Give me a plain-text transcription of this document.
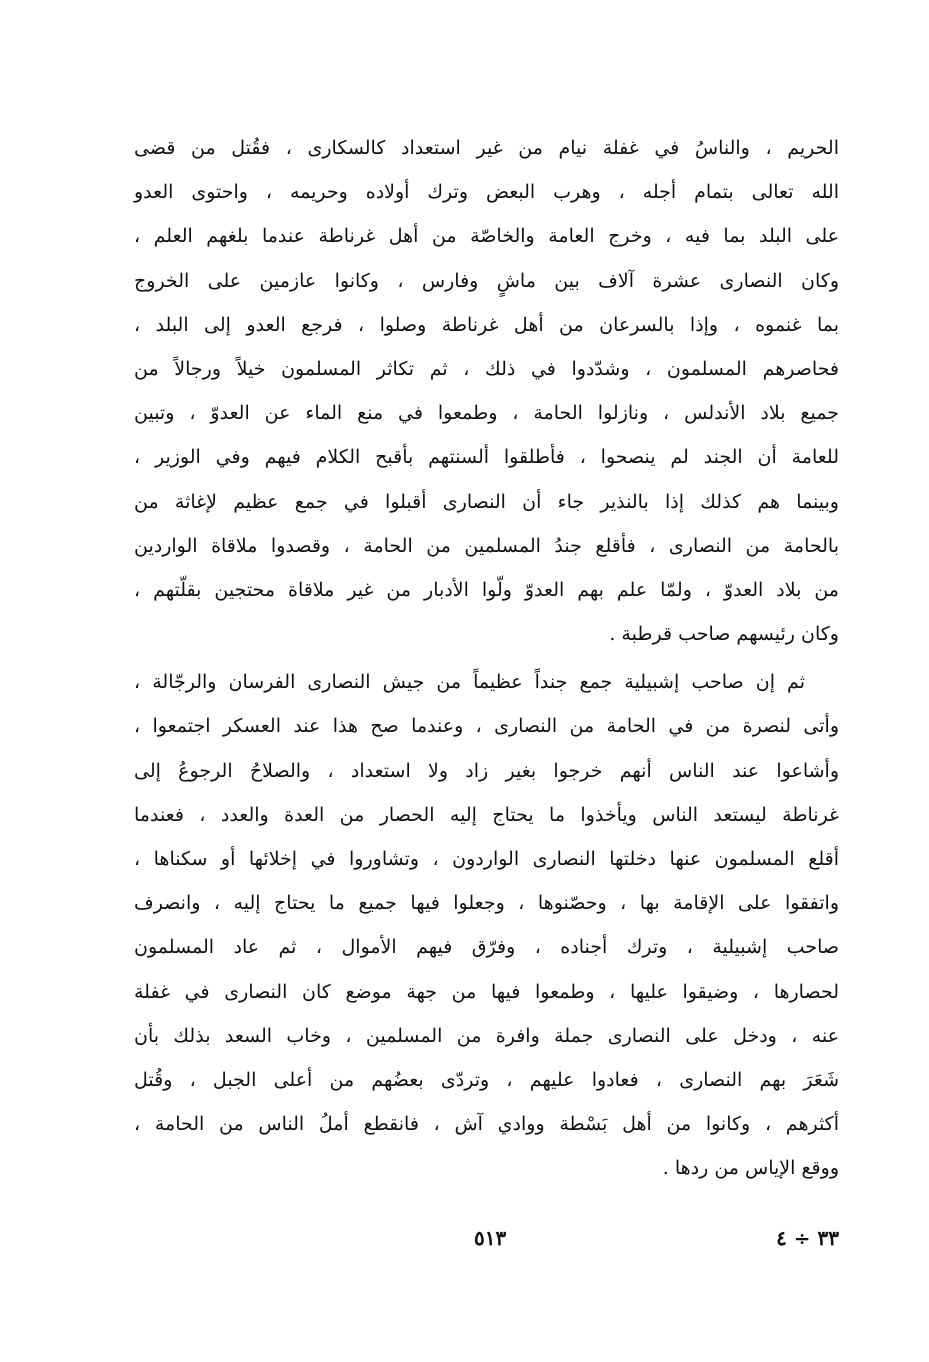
الحريم ، والناسُ في غفلة نيام من غير استعداد كالسكارى ، فقُتل من قضى
الله تعالى بتمام أجله ، وهرب البعض وترك أولاده وحريمه ، واحتوى العدو
على البلد بما فيه ، وخرج العامة والخاصّة من أهل غرناطة عندما بلغهم العلم ،
وكان النصارى عشرة آلاف بين ماشٍ وفارس ، وكانوا عازمين على الخروج
بما غنموه ، وإذا بالسرعان من أهل غرناطة وصلوا ، فرجع العدو إلى البلد ،
فحاصرهم المسلمون ، وشدّدوا في ذلك ، ثم تكاثر المسلمون خيلاً ورجالاً من
جميع بلاد الأندلس ، ونازلوا الحامة ، وطمعوا في منع الماء عن العدوّ ، وتبين
للعامة أن الجند لم ينصحوا ، فأطلقوا ألسنتهم بأقبح الكلام فيهم وفي الوزير ،
وبينما هم كذلك إذا بالنذير جاء أن النصارى أقبلوا في جمع عظيم لإغاثة من
بالحامة من النصارى ، فأقلع جندُ المسلمين من الحامة ، وقصدوا ملاقاة الواردين
من بلاد العدوّ ، ولمّا علم بهم العدوّ ولّوا الأدبار من غير ملاقاة محتجين بقلّتهم ،
وكان رئيسهم صاحب قرطبة .
ثم إن صاحب إشبيلية جمع جنداً عظيماً من جيش النصارى الفرسان والرجّالة ،
وأتى لنصرة من في الحامة من النصارى ، وعندما صح هذا عند العسكر اجتمعوا ،
وأشاعوا عند الناس أنهم خرجوا بغير زاد ولا استعداد ، والصلاحُ الرجوعُ إلى
غرناطة ليستعد الناس ويأخذوا ما يحتاج إليه الحصار من العدة والعدد ، فعندما
أقلع المسلمون عنها دخلتها النصارى الواردون ، وتشاوروا في إخلائها أو سكناها ،
واتفقوا على الإقامة بها ، وحصّنوها ، وجعلوا فيها جميع ما يحتاج إليه ، وانصرف
صاحب إشبيلية ، وترك أجناده ، وفرّق فيهم الأموال ، ثم عاد المسلمون
لحصارها ، وضيقوا عليها ، وطمعوا فيها من جهة موضع كان النصارى في غفلة
عنه ، ودخل على النصارى جملة وافرة من المسلمين ، وخاب السعد بذلك بأن
شَعَرَ بهم النصارى ، فعادوا عليهم ، وتردّى بعضُهم من أعلى الجبل ، وقُتل
أكثرهم ، وكانوا من أهل بَسْطة ووادي آش ، فانقطع أملُ الناس من الحامة ،
ووقع الإياس من ردها .
٣٣ ÷ ٤
٥١٣
